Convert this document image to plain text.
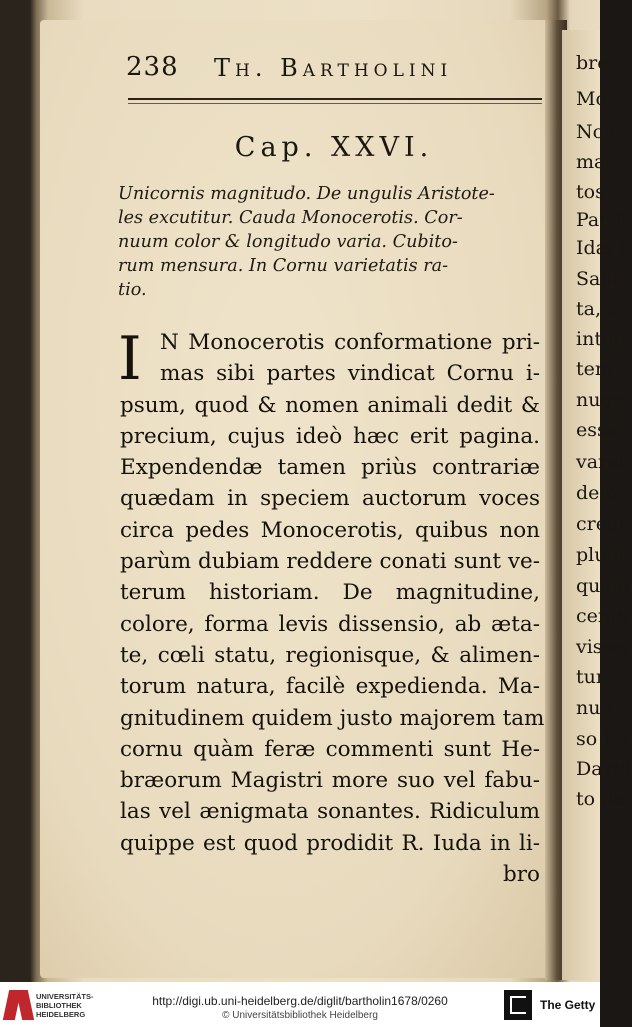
bro
Mo
Noa
mass
tos
Par I
Idæ i
Sanh
ta, u
inten
tem
nuqu
esset.
varet
dem
credi
plum
quam
centu
visse,
tur :
nus,
so Le
David
to du
238 Th. Bartholini
Cap. XXVI.
Unicornis magnitudo. De ungulis Aristote-
les excutitur. Cauda Monocerotis. Cor-
nuum color & longitudo varia. Cubito-
rum mensura. In Cornu varietatis ra-
tio.
I N Monocerotis conformatione pri-
mas sibi partes vindicat Cornu i-
psum, quod & nomen animali dedit &
precium, cujus ideò hæc erit pagina.
Expendendæ tamen priùs contrariæ
quædam in speciem auctorum voces
circa pedes Monocerotis, quibus non
parùm dubiam reddere conati sunt ve-
terum historiam. De magnitudine,
colore, forma levis dissensio, ab æta-
te, cœli statu, regionisque, & alimen-
torum natura, facilè expedienda. Ma-
gnitudinem quidem justo majorem tam
cornu quàm feræ commenti sunt He-
bræorum Magistri more suo vel fabu-
las vel ænigmata sonantes. Ridiculum
quippe est quod prodidit R. Iuda in li-
bro
UNIVERSITÄTS-
BIBLIOTHEK
HEIDELBERG
http://digi.ub.uni-heidelberg.de/diglit/bartholin1678/0260
© Universitätsbibliothek Heidelberg
The Getty
